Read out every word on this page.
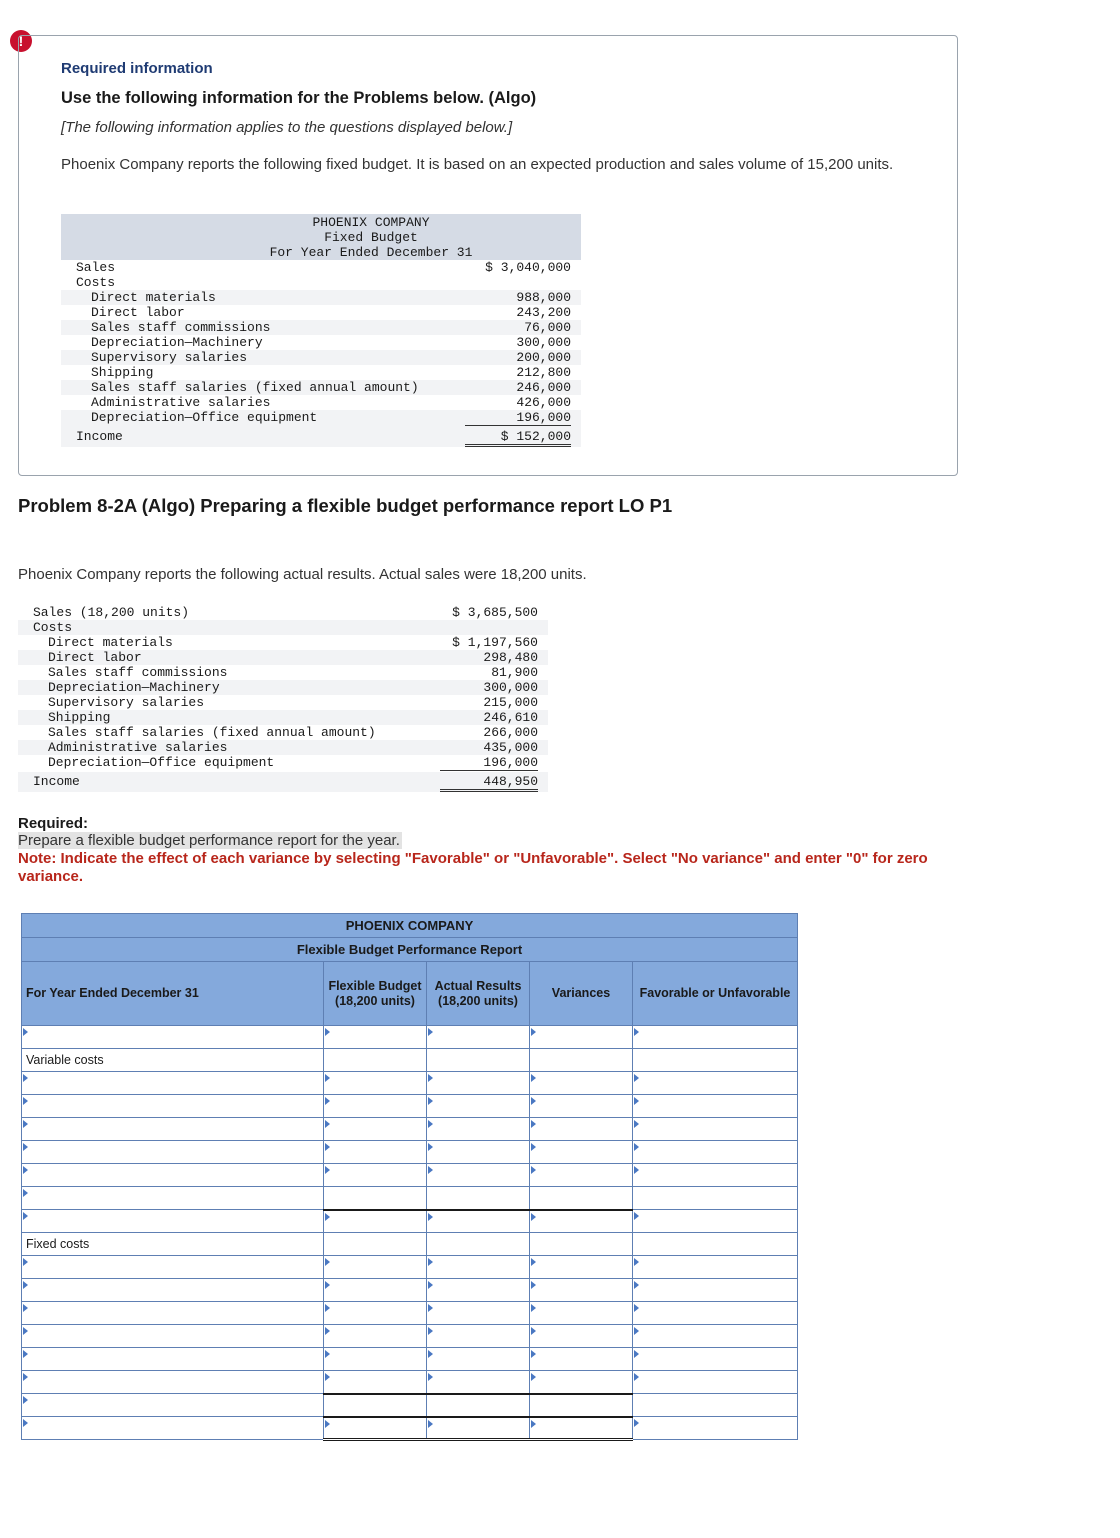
!
Required information
Use the following information for the Problems below. (Algo)
[The following information applies to the questions displayed below.]
Phoenix Company reports the following fixed budget. It is based on an expected production and sales volume of 15,200 units.
PHOENIX COMPANY
Fixed Budget
For Year Ended December 31
Sales	$ 3,040,000
Costs
Direct materials	988,000
Direct labor	243,200
Sales staff commissions	76,000
Depreciation—Machinery	300,000
Supervisory salaries	200,000
Shipping	212,800
Sales staff salaries (fixed annual amount)	246,000
Administrative salaries	426,000
Depreciation—Office equipment	196,000
Income	$ 152,000
Problem 8-2A (Algo) Preparing a flexible budget performance report LO P1
Phoenix Company reports the following actual results. Actual sales were 18,200 units.
Sales (18,200 units)	$ 3,685,500
Costs
Direct materials	$ 1,197,560
Direct labor	298,480
Sales staff commissions	81,900
Depreciation—Machinery	300,000
Supervisory salaries	215,000
Shipping	246,610
Sales staff salaries (fixed annual amount)	266,000
Administrative salaries	435,000
Depreciation—Office equipment	196,000
Income	448,950
Required:
Prepare a flexible budget performance report for the year.
Note: Indicate the effect of each variance by selecting "Favorable" or "Unfavorable". Select "No variance" and enter "0" for zero variance.
PHOENIX COMPANY				
Flexible Budget Performance Report				
For Year Ended December 31	Flexible Budget (18,200 units)	Actual Results (18,200 units)	Variances	Favorable or Unfavorable

Variable costs				

Fixed costs				
